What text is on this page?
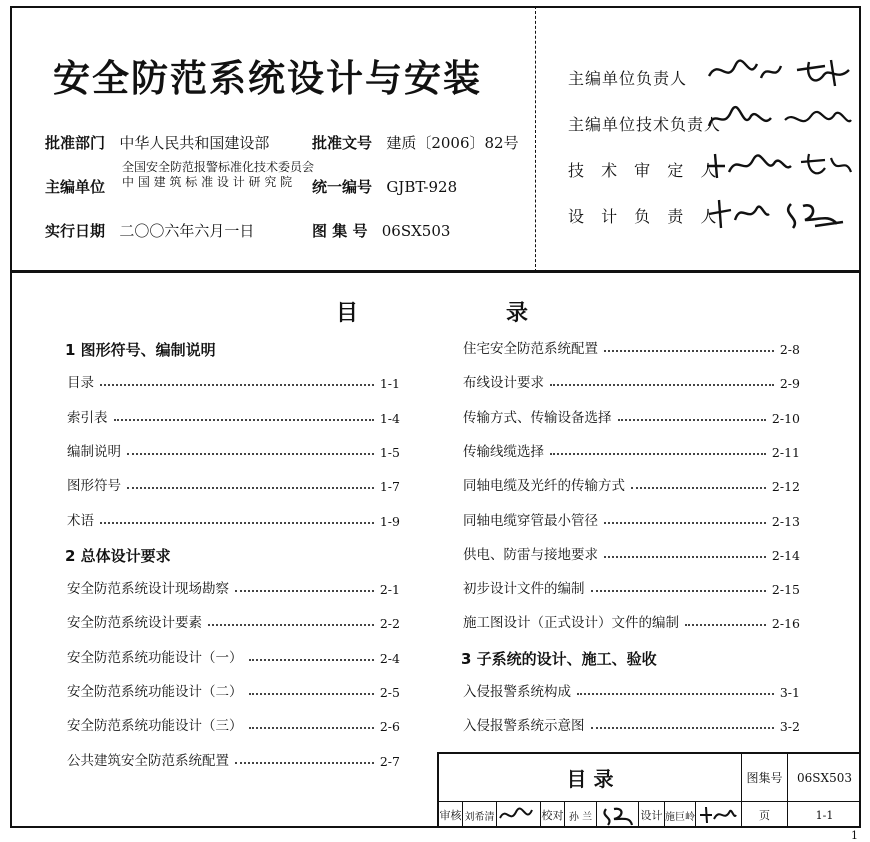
安全防范系统设计与安装
批准部门 中华人民共和国建设部	批准文号 建质〔2006〕82号
主编单位
全国安全防范报警标准化技术委员会
中 国 建 筑 标 准 设 计 研 究 院	统一编号 GJBT-928
实行日期 二〇〇六年六月一日	图 集 号 06SX503
主编单位负责人
主编单位技术负责人
技 术 审 定 人
设 计 负 责 人
目	录
1 图形符号、编制说明
目录	1-1
索引表	1-4
编制说明	1-5
图形符号	1-7
术语	1-9
2 总体设计要求
安全防范系统设计现场勘察	2-1
安全防范系统设计要素	2-2
安全防范系统功能设计（一）	2-4
安全防范系统功能设计（二）	2-5
安全防范系统功能设计（三）	2-6
公共建筑安全防范系统配置	2-7
住宅安全防范系统配置	2-8
布线设计要求	2-9
传输方式、传输设备选择	2-10
传输线缆选择	2-11
同轴电缆及光纤的传输方式	2-12
同轴电缆穿管最小管径	2-13
供电、防雷与接地要求	2-14
初步设计文件的编制	2-15
施工图设计（正式设计）文件的编制	2-16
3 子系统的设计、施工、验收
入侵报警系统构成	3-1
入侵报警系统示意图	3-2
目 录	图集号	06SX503
审核 刘希清	校对 孙 兰	设计 施巨岭	页	1-1
1
